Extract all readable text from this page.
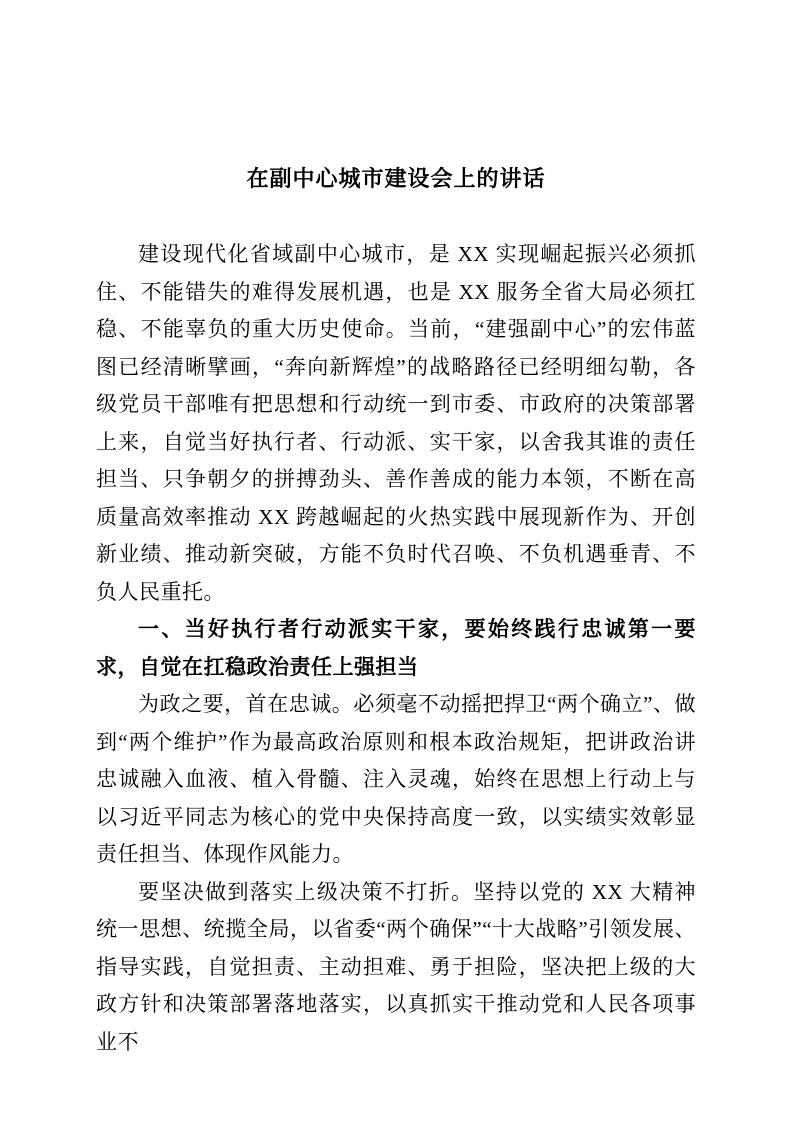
在副中心城市建设会上的讲话

建设现代化省域副中心城市，是 XX 实现崛起振兴必须抓住、不能错失的难得发展机遇，也是 XX 服务全省大局必须扛稳、不能辜负的重大历史使命。当前，“建强副中心”的宏伟蓝图已经清晰擘画，“奔向新辉煌”的战略路径已经明细勾勒，各级党员干部唯有把思想和行动统一到市委、市政府的决策部署上来，自觉当好执行者、行动派、实干家，以舍我其谁的责任担当、只争朝夕的拼搏劲头、善作善成的能力本领，不断在高质量高效率推动 XX 跨越崛起的火热实践中展现新作为、开创新业绩、推动新突破，方能不负时代召唤、不负机遇垂青、不负人民重托。

一、当好执行者行动派实干家，要始终践行忠诚第一要求，自觉在扛稳政治责任上强担当

为政之要，首在忠诚。必须毫不动摇把捍卫“两个确立”、做到“两个维护”作为最高政治原则和根本政治规矩，把讲政治讲忠诚融入血液、植入骨髓、注入灵魂，始终在思想上行动上与以习近平同志为核心的党中央保持高度一致，以实绩实效彰显责任担当、体现作风能力。

要坚决做到落实上级决策不打折。坚持以党的 XX 大精神统一思想、统揽全局，以省委“两个确保”“十大战略”引领发展、指导实践，自觉担责、主动担难、勇于担险，坚决把上级的大政方针和决策部署落地落实，以真抓实干推动党和人民各项事业不
